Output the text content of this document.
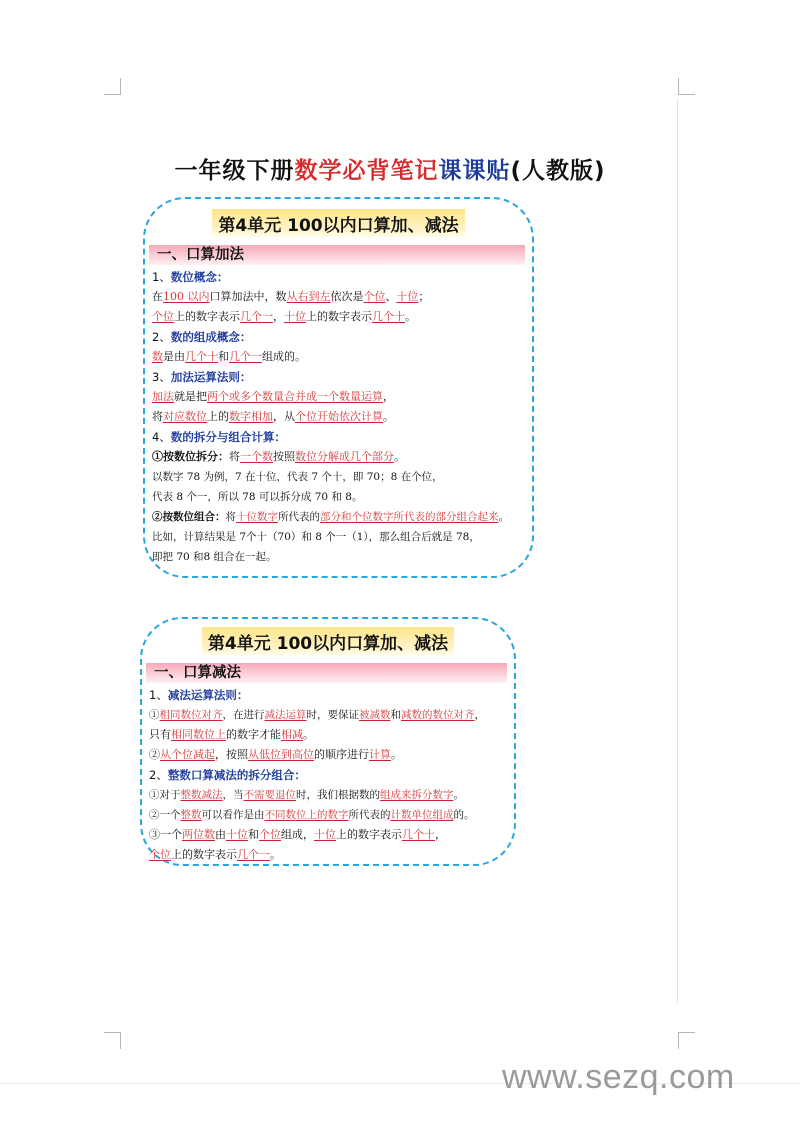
一年级下册数学必背笔记课课贴(人教版)
第4单元 100以内口算加、减法
一、口算加法
1、数位概念：
在100 以内口算加法中，数从右到左依次是个位、十位；
个位上的数字表示几个一，十位上的数字表示几个十。
2、数的组成概念：
数是由几个十和几个一组成的。
3、加法运算法则：
加法就是把两个或多个数量合并成一个数量运算，
将对应数位上的数字相加，从个位开始依次计算。
4、数的拆分与组合计算：
①按数位拆分：将一个数按照数位分解成几个部分。
以数字 78 为例，7 在十位，代表 7 个十，即 70；8 在个位，
代表 8 个一，所以 78 可以拆分成 70 和 8。
②按数位组合：将十位数字所代表的部分和个位数字所代表的部分组合起来。
比如，计算结果是 7个十（70）和 8 个一（1），那么组合后就是 78，
即把 70 和8 组合在一起。
第4单元 100以内口算加、减法
一、口算减法
1、减法运算法则：
①相同数位对齐，在进行减法运算时，要保证被减数和减数的数位对齐，
只有相同数位上的数字才能相减。
②从个位减起，按照从低位到高位的顺序进行计算。
2、整数口算减法的拆分组合：
①对于整数减法，当不需要退位时，我们根据数的组成来拆分数字。
②一个整数可以看作是由不同数位上的数字所代表的计数单位组成的。
③一个两位数由十位和个位组成，十位上的数字表示几个十，
个位上的数字表示几个一。
www.sezq.com
